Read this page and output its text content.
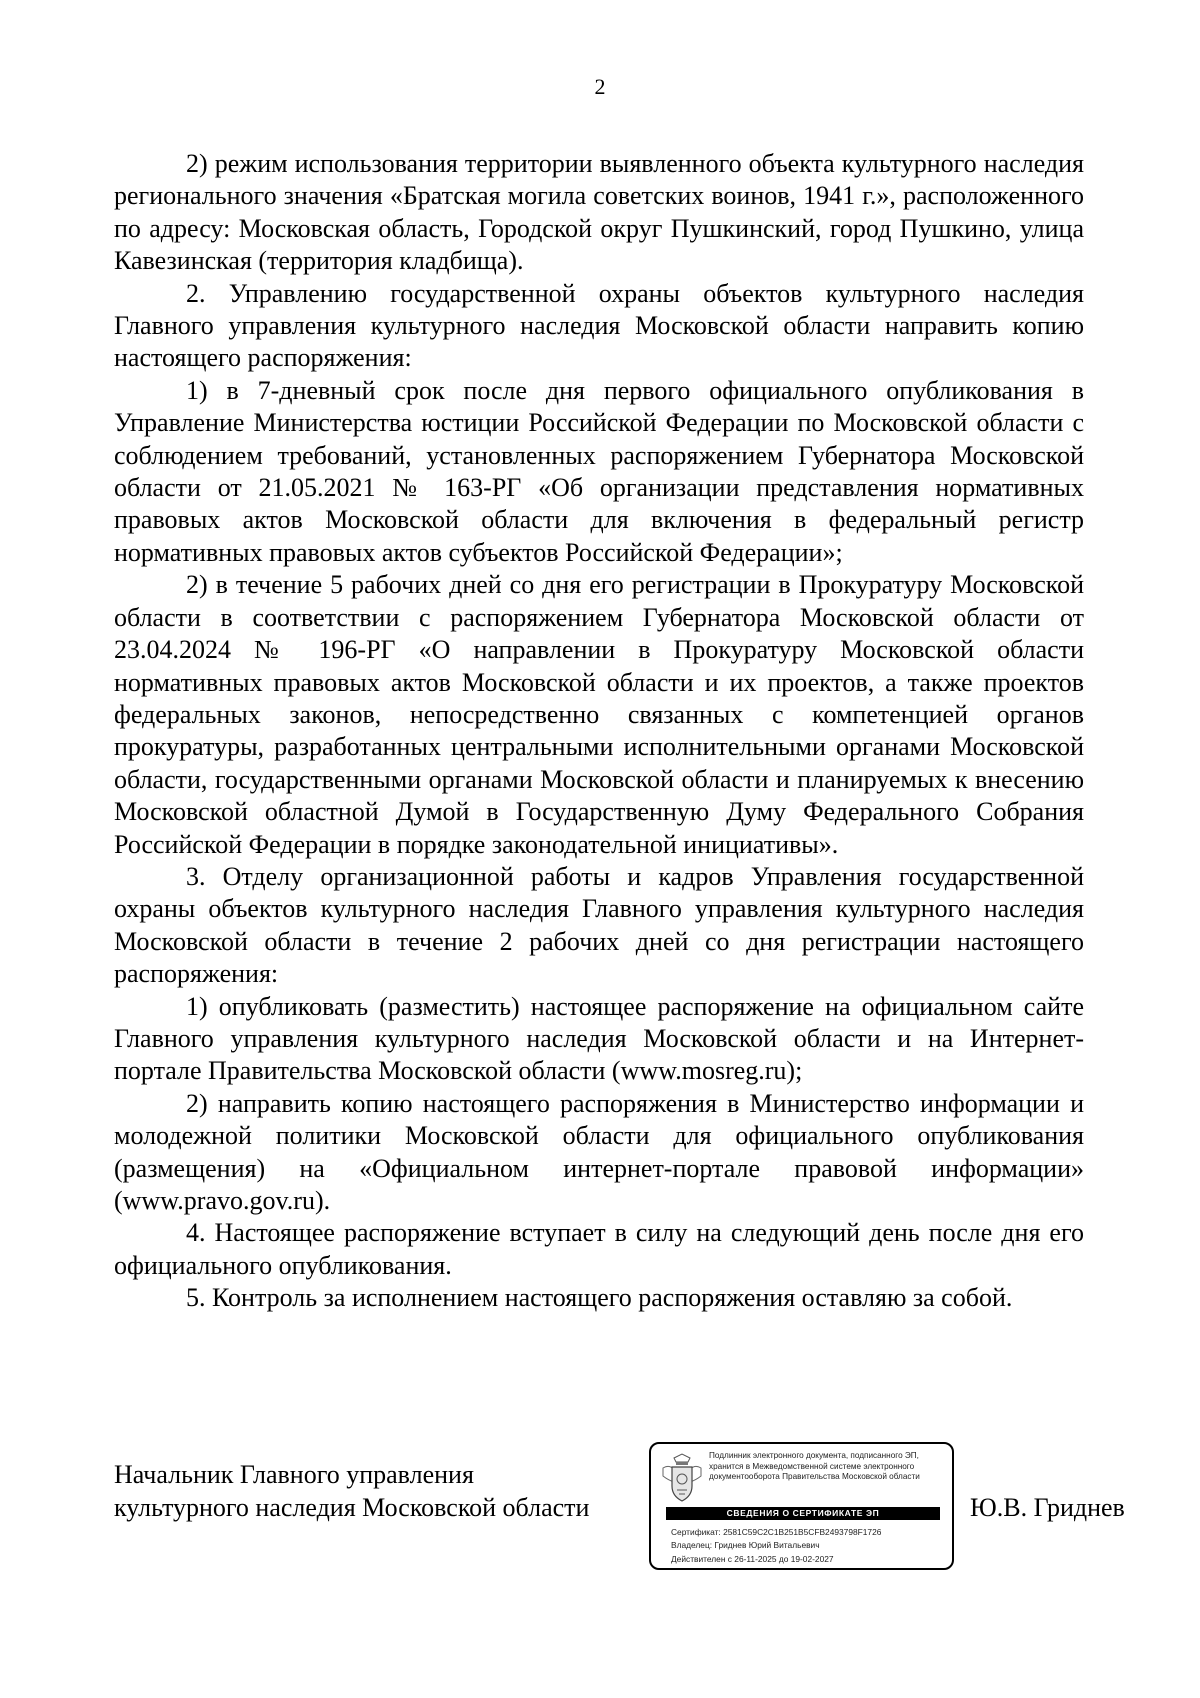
2

2) режим использования территории выявленного объекта культурного наследия регионального значения «Братская могила советских воинов, 1941 г.», расположенного по адресу: Московская область, Городской округ Пушкинский, город Пушкино, улица Кавезинская (территория кладбища).

2. Управлению государственной охраны объектов культурного наследия Главного управления культурного наследия Московской области направить копию настоящего распоряжения:

1) в 7-дневный срок после дня первого официального опубликования в Управление Министерства юстиции Российской Федерации по Московской области с соблюдением требований, установленных распоряжением Губернатора Московской области от 21.05.2021 № 163-РГ «Об организации представления нормативных правовых актов Московской области для включения в федеральный регистр нормативных правовых актов субъектов Российской Федерации»;

2) в течение 5 рабочих дней со дня его регистрации в Прокуратуру Московской области в соответствии с распоряжением Губернатора Московской области от 23.04.2024 № 196-РГ «О направлении в Прокуратуру Московской области нормативных правовых актов Московской области и их проектов, а также проектов федеральных законов, непосредственно связанных с компетенцией органов прокуратуры, разработанных центральными исполнительными органами Московской области, государственными органами Московской области и планируемых к внесению Московской областной Думой в Государственную Думу Федерального Собрания Российской Федерации в порядке законодательной инициативы».

3. Отделу организационной работы и кадров Управления государственной охраны объектов культурного наследия Главного управления культурного наследия Московской области в течение 2 рабочих дней со дня регистрации настоящего распоряжения:

1) опубликовать (разместить) настоящее распоряжение на официальном сайте Главного управления культурного наследия Московской области и на Интернет-портале Правительства Московской области (www.mosreg.ru);

2) направить копию настоящего распоряжения в Министерство информации и молодежной политики Московской области для официального опубликования (размещения) на «Официальном интернет-портале правовой информации» (www.pravo.gov.ru).

4. Настоящее распоряжение вступает в силу на следующий день после дня его официального опубликования.

5. Контроль за исполнением настоящего распоряжения оставляю за собой.

Начальник Главного управления
культурного наследия Московской области
Подлинник электронного документа, подписанного ЭП,
хранится в Межведомственной системе электронного
документооборота Правительства Московской области
СВЕДЕНИЯ О СЕРТИФИКАТЕ ЭП
Сертификат: 2581C59C2C1B251B5CFB2493798F1726
Владелец: Гриднев Юрий Витальевич
Действителен с 26-11-2025 до 19-02-2027
Ю.В. Гриднев
